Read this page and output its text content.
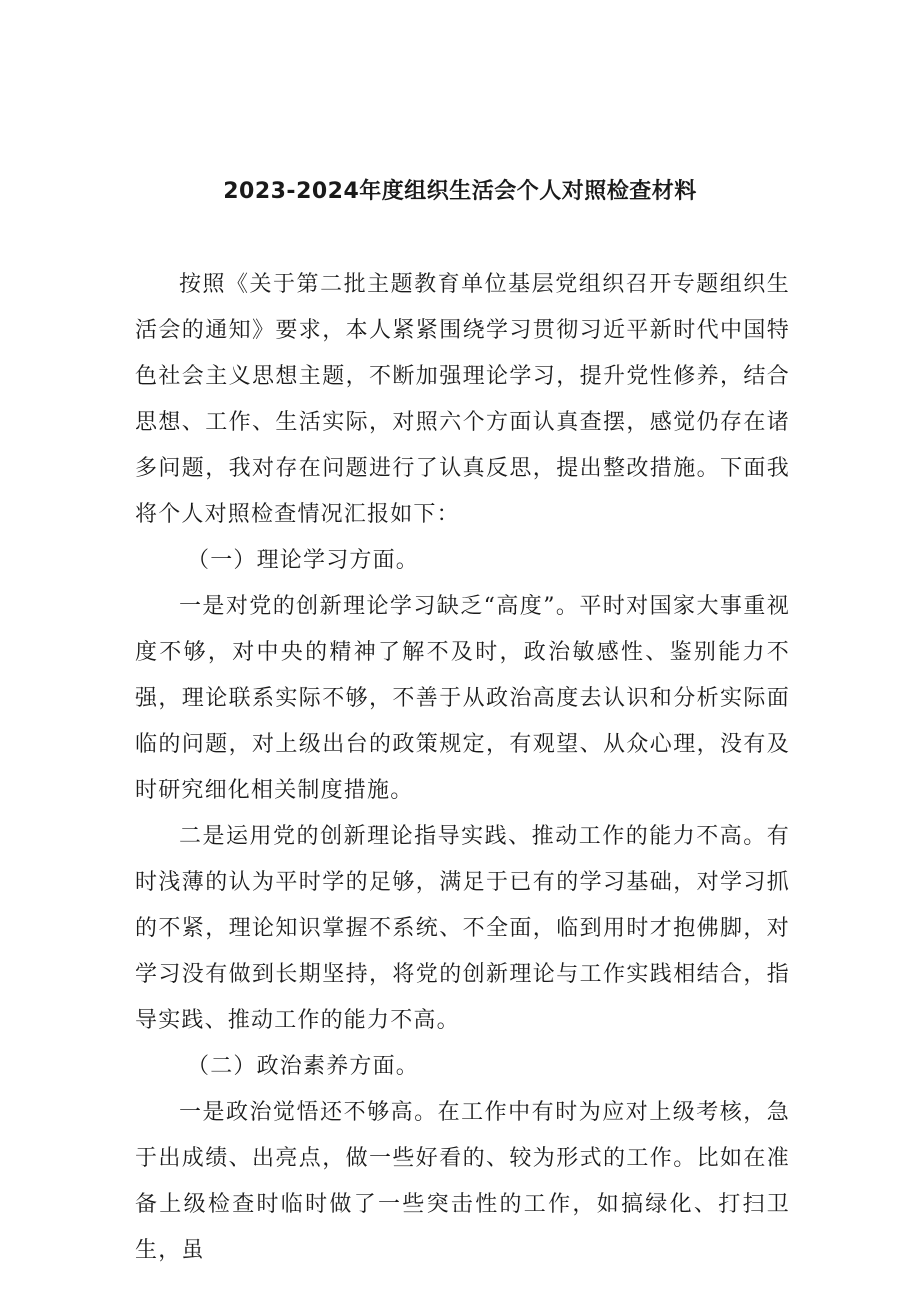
2023-2024年度组织生活会个人对照检查材料

按照《关于第二批主题教育单位基层党组织召开专题组织生活会的通知》要求，本人紧紧围绕学习贯彻习近平新时代中国特色社会主义思想主题，不断加强理论学习，提升党性修养，结合思想、工作、生活实际，对照六个方面认真查摆，感觉仍存在诸多问题，我对存在问题进行了认真反思，提出整改措施。下面我将个人对照检查情况汇报如下：

（一）理论学习方面。

一是对党的创新理论学习缺乏“高度”。平时对国家大事重视度不够，对中央的精神了解不及时，政治敏感性、鉴别能力不强，理论联系实际不够，不善于从政治高度去认识和分析实际面临的问题，对上级出台的政策规定，有观望、从众心理，没有及时研究细化相关制度措施。

二是运用党的创新理论指导实践、推动工作的能力不高。有时浅薄的认为平时学的足够，满足于已有的学习基础，对学习抓的不紧，理论知识掌握不系统、不全面，临到用时才抱佛脚，对学习没有做到长期坚持，将党的创新理论与工作实践相结合，指导实践、推动工作的能力不高。

（二）政治素养方面。

一是政治觉悟还不够高。在工作中有时为应对上级考核，急于出成绩、出亮点，做一些好看的、较为形式的工作。比如在准备上级检查时临时做了一些突击性的工作，如搞绿化、打扫卫生，虽
